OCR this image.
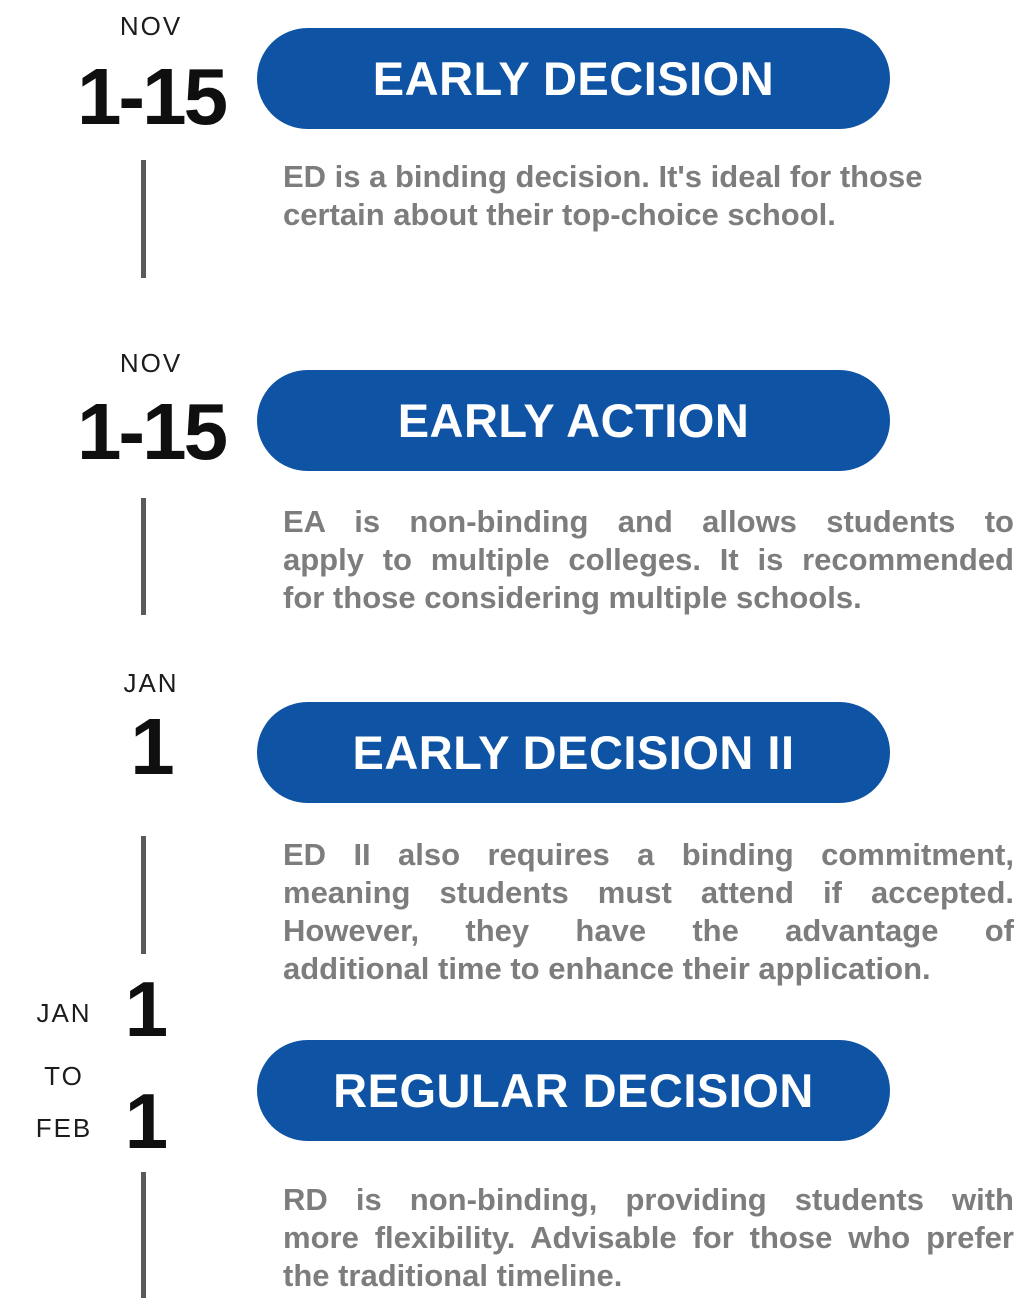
NOV
1-15	EARLY DECISION
ED is a binding decision. It's ideal for those
certain about their top-choice school.
NOV
1-15	EARLY ACTION
EA is non-binding and allows students to
apply to multiple colleges. It is recommended
for those considering multiple schools.
JAN
1	EARLY DECISION II
ED II also requires a binding commitment,
meaning students must attend if accepted.
However, they have the advantage of
additional time to enhance their application.
JAN 1
TO
FEB 1	REGULAR DECISION
RD is non-binding, providing students with
more flexibility. Advisable for those who prefer
the traditional timeline.
